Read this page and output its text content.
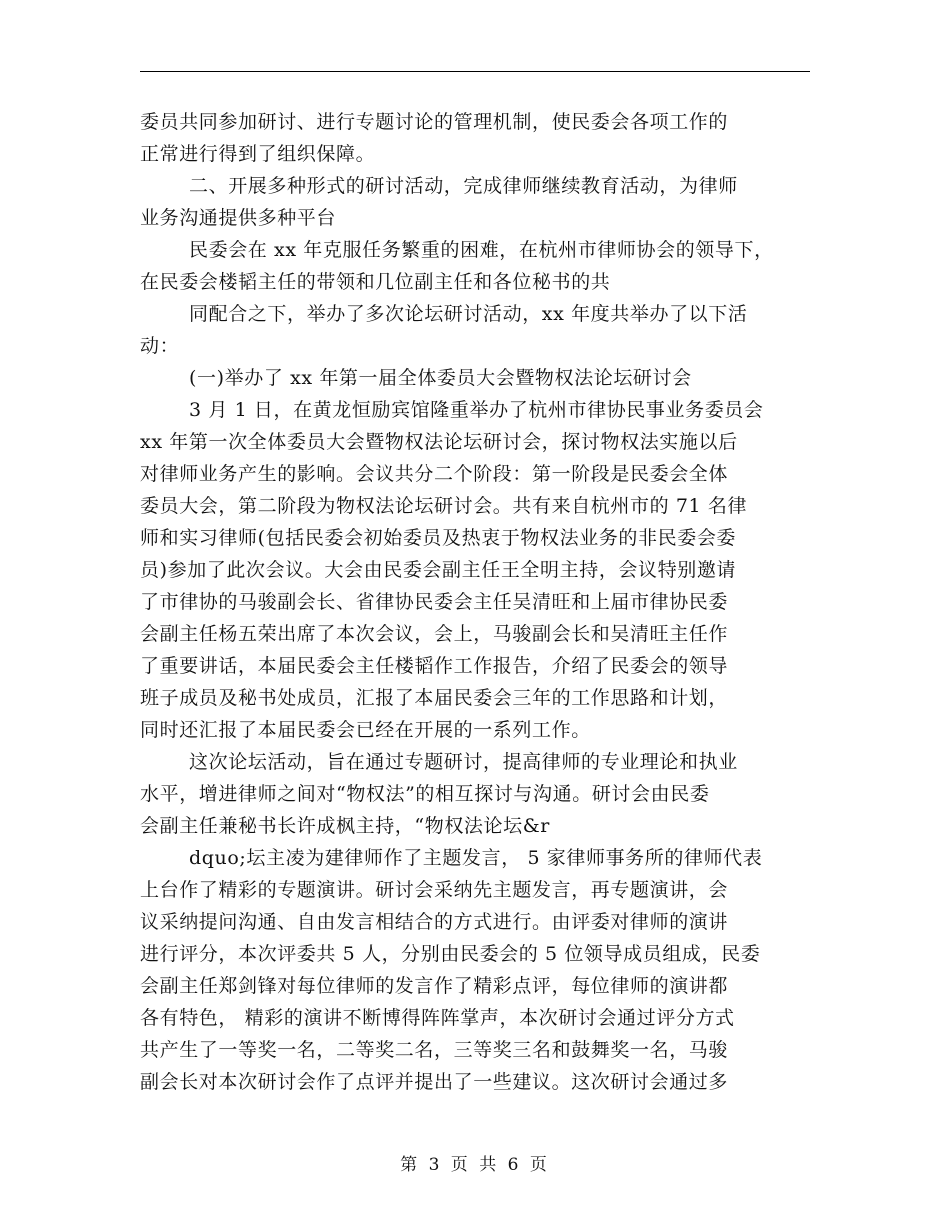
委员共同参加研讨、进行专题讨论的管理机制，使民委会各项工作的
正常进行得到了组织保障。
二、开展多种形式的研讨活动，完成律师继续教育活动，为律师
业务沟通提供多种平台
民委会在 xx 年克服任务繁重的困难，在杭州市律师协会的领导下，
在民委会楼韬主任的带领和几位副主任和各位秘书的共
同配合之下，举办了多次论坛研讨活动，xx 年度共举办了以下活
动：
(一)举办了 xx 年第一届全体委员大会暨物权法论坛研讨会
3 月 1 日，在黄龙恒励宾馆隆重举办了杭州市律协民事业务委员会
xx 年第一次全体委员大会暨物权法论坛研讨会，探讨物权法实施以后
对律师业务产生的影响。会议共分二个阶段：第一阶段是民委会全体
委员大会，第二阶段为物权法论坛研讨会。共有来自杭州市的 71 名律
师和实习律师(包括民委会初始委员及热衷于物权法业务的非民委会委
员)参加了此次会议。大会由民委会副主任王全明主持，会议特别邀请
了市律协的马骏副会长、省律协民委会主任吴清旺和上届市律协民委
会副主任杨五荣出席了本次会议，会上，马骏副会长和吴清旺主任作
了重要讲话，本届民委会主任楼韬作工作报告，介绍了民委会的领导
班子成员及秘书处成员，汇报了本届民委会三年的工作思路和计划，
同时还汇报了本届民委会已经在开展的一系列工作。
这次论坛活动，旨在通过专题研讨，提高律师的专业理论和执业
水平，增进律师之间对“物权法”的相互探讨与沟通。研讨会由民委
会副主任兼秘书长许成枫主持，“物权法论坛&r
dquo;坛主凌为建律师作了主题发言， 5 家律师事务所的律师代表
上台作了精彩的专题演讲。研讨会采纳先主题发言，再专题演讲，会
议采纳提问沟通、自由发言相结合的方式进行。由评委对律师的演讲
进行评分，本次评委共 5 人，分别由民委会的 5 位领导成员组成，民委
会副主任郑剑锋对每位律师的发言作了精彩点评，每位律师的演讲都
各有特色， 精彩的演讲不断博得阵阵掌声，本次研讨会通过评分方式
共产生了一等奖一名，二等奖二名，三等奖三名和鼓舞奖一名，马骏
副会长对本次研讨会作了点评并提出了一些建议。这次研讨会通过多
第 3 页 共 6 页
